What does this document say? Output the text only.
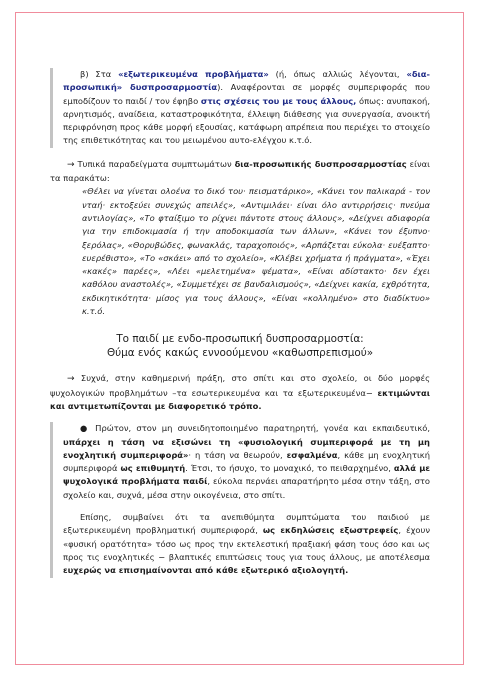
β) Στα «εξωτερικευμένα προβλήματα» (ή, όπως αλλιώς λέγονται, «δια-προσωπική» δυσπροσαρμοστία). Αναφέρονται σε μορφές συμπεριφοράς που εμποδίζουν το παιδί / τον έφηβο στις σχέσεις του με τους άλλους, όπως: ανυπακοή, αρνητισμός, αναίδεια, καταστροφικότητα, έλλειψη διάθεσης για συνεργασία, ανοικτή περιφρόνηση προς κάθε μορφή εξουσίας, κατάφωρη απρέπεια που περιέχει το στοιχείο της επιθετικότητας και του μειωμένου αυτο-ελέγχου κ.τ.ό.

→ Τυπικά παραδείγματα συμπτωμάτων δια-προσωπικής δυσπροσαρμοστίας είναι τα παρακάτω:

«Θέλει να γίνεται ολοένα το δικό του· πεισματάρικο», «Κάνει τον παλικαρά - τον νταή· εκτοξεύει συνεχώς απειλές», «Αντιμιλάει· είναι όλο αντιρρήσεις· πνεύμα αντιλογίας», «Το φταίξιμο το ρίχνει πάντοτε στους άλλους», «Δείχνει αδιαφορία για την επιδοκιμασία ή την αποδοκιμασία των άλλων», «Κάνει τον έξυπνο· ξερόλας», «Θορυβώδες, φωνακλάς, ταραχοποιός», «Αρπάζεται εύκολα· ευέξαπτο· ευερέθιστο», «Το «σκάει» από το σχολείο», «Κλέβει χρήματα ή πράγματα», «Έχει «κακές» παρέες», «Λέει «μελετημένα» ψέματα», «Είναι αδίστακτο· δεν έχει καθόλου αναστολές», «Συμμετέχει σε βανδαλισμούς», «Δείχνει κακία, εχθρότητα, εκδικητικότητα· μίσος για τους άλλους», «Είναι «κολλημένο» στο διαδίκτυο» κ.τ.ό.

Το παιδί με ενδο-προσωπική δυσπροσαρμοστία:
Θύμα ενός κακώς εννοούμενου «καθωσπρεπισμού»

→ Συχνά, στην καθημερινή πράξη, στο σπίτι και στο σχολείο, οι δύο μορφές ψυχολογικών προβλημάτων –τα εσωτερικευμένα και τα εξωτερικευμένα− εκτιμώνται και αντιμετωπίζονται με διαφορετικό τρόπο.

● Πρώτον, στον μη συνειδητοποιημένο παρατηρητή, γονέα και εκπαιδευτικό, υπάρχει η τάση να εξισώνει τη «φυσιολογική συμπεριφορά με τη μη ενοχλητική συμπεριφορά»· η τάση να θεωρούν, εσφαλμένα, κάθε μη ενοχλητική συμπεριφορά ως επιθυμητή. Έτσι, το ήσυχο, το μοναχικό, το πειθαρχημένο, αλλά με ψυχολογικά προβλήματα παιδί, εύκολα περνάει απαρατήρητο μέσα στην τάξη, στο σχολείο και, συχνά, μέσα στην οικογένεια, στο σπίτι.

Επίσης, συμβαίνει ότι τα ανεπιθύμητα συμπτώματα του παιδιού με εξωτερικευμένη προβληματική συμπεριφορά, ως εκδηλώσεις εξωστρεφείς, έχουν «φυσική ορατότητα» τόσο ως προς την εκτελεστική πραξιακή φάση τους όσο και ως προς τις ενοχλητικές − βλαπτικές επιπτώσεις τους για τους άλλους, με αποτέλεσμα ευχερώς να επισημαίνονται από κάθε εξωτερικό αξιολογητή.
